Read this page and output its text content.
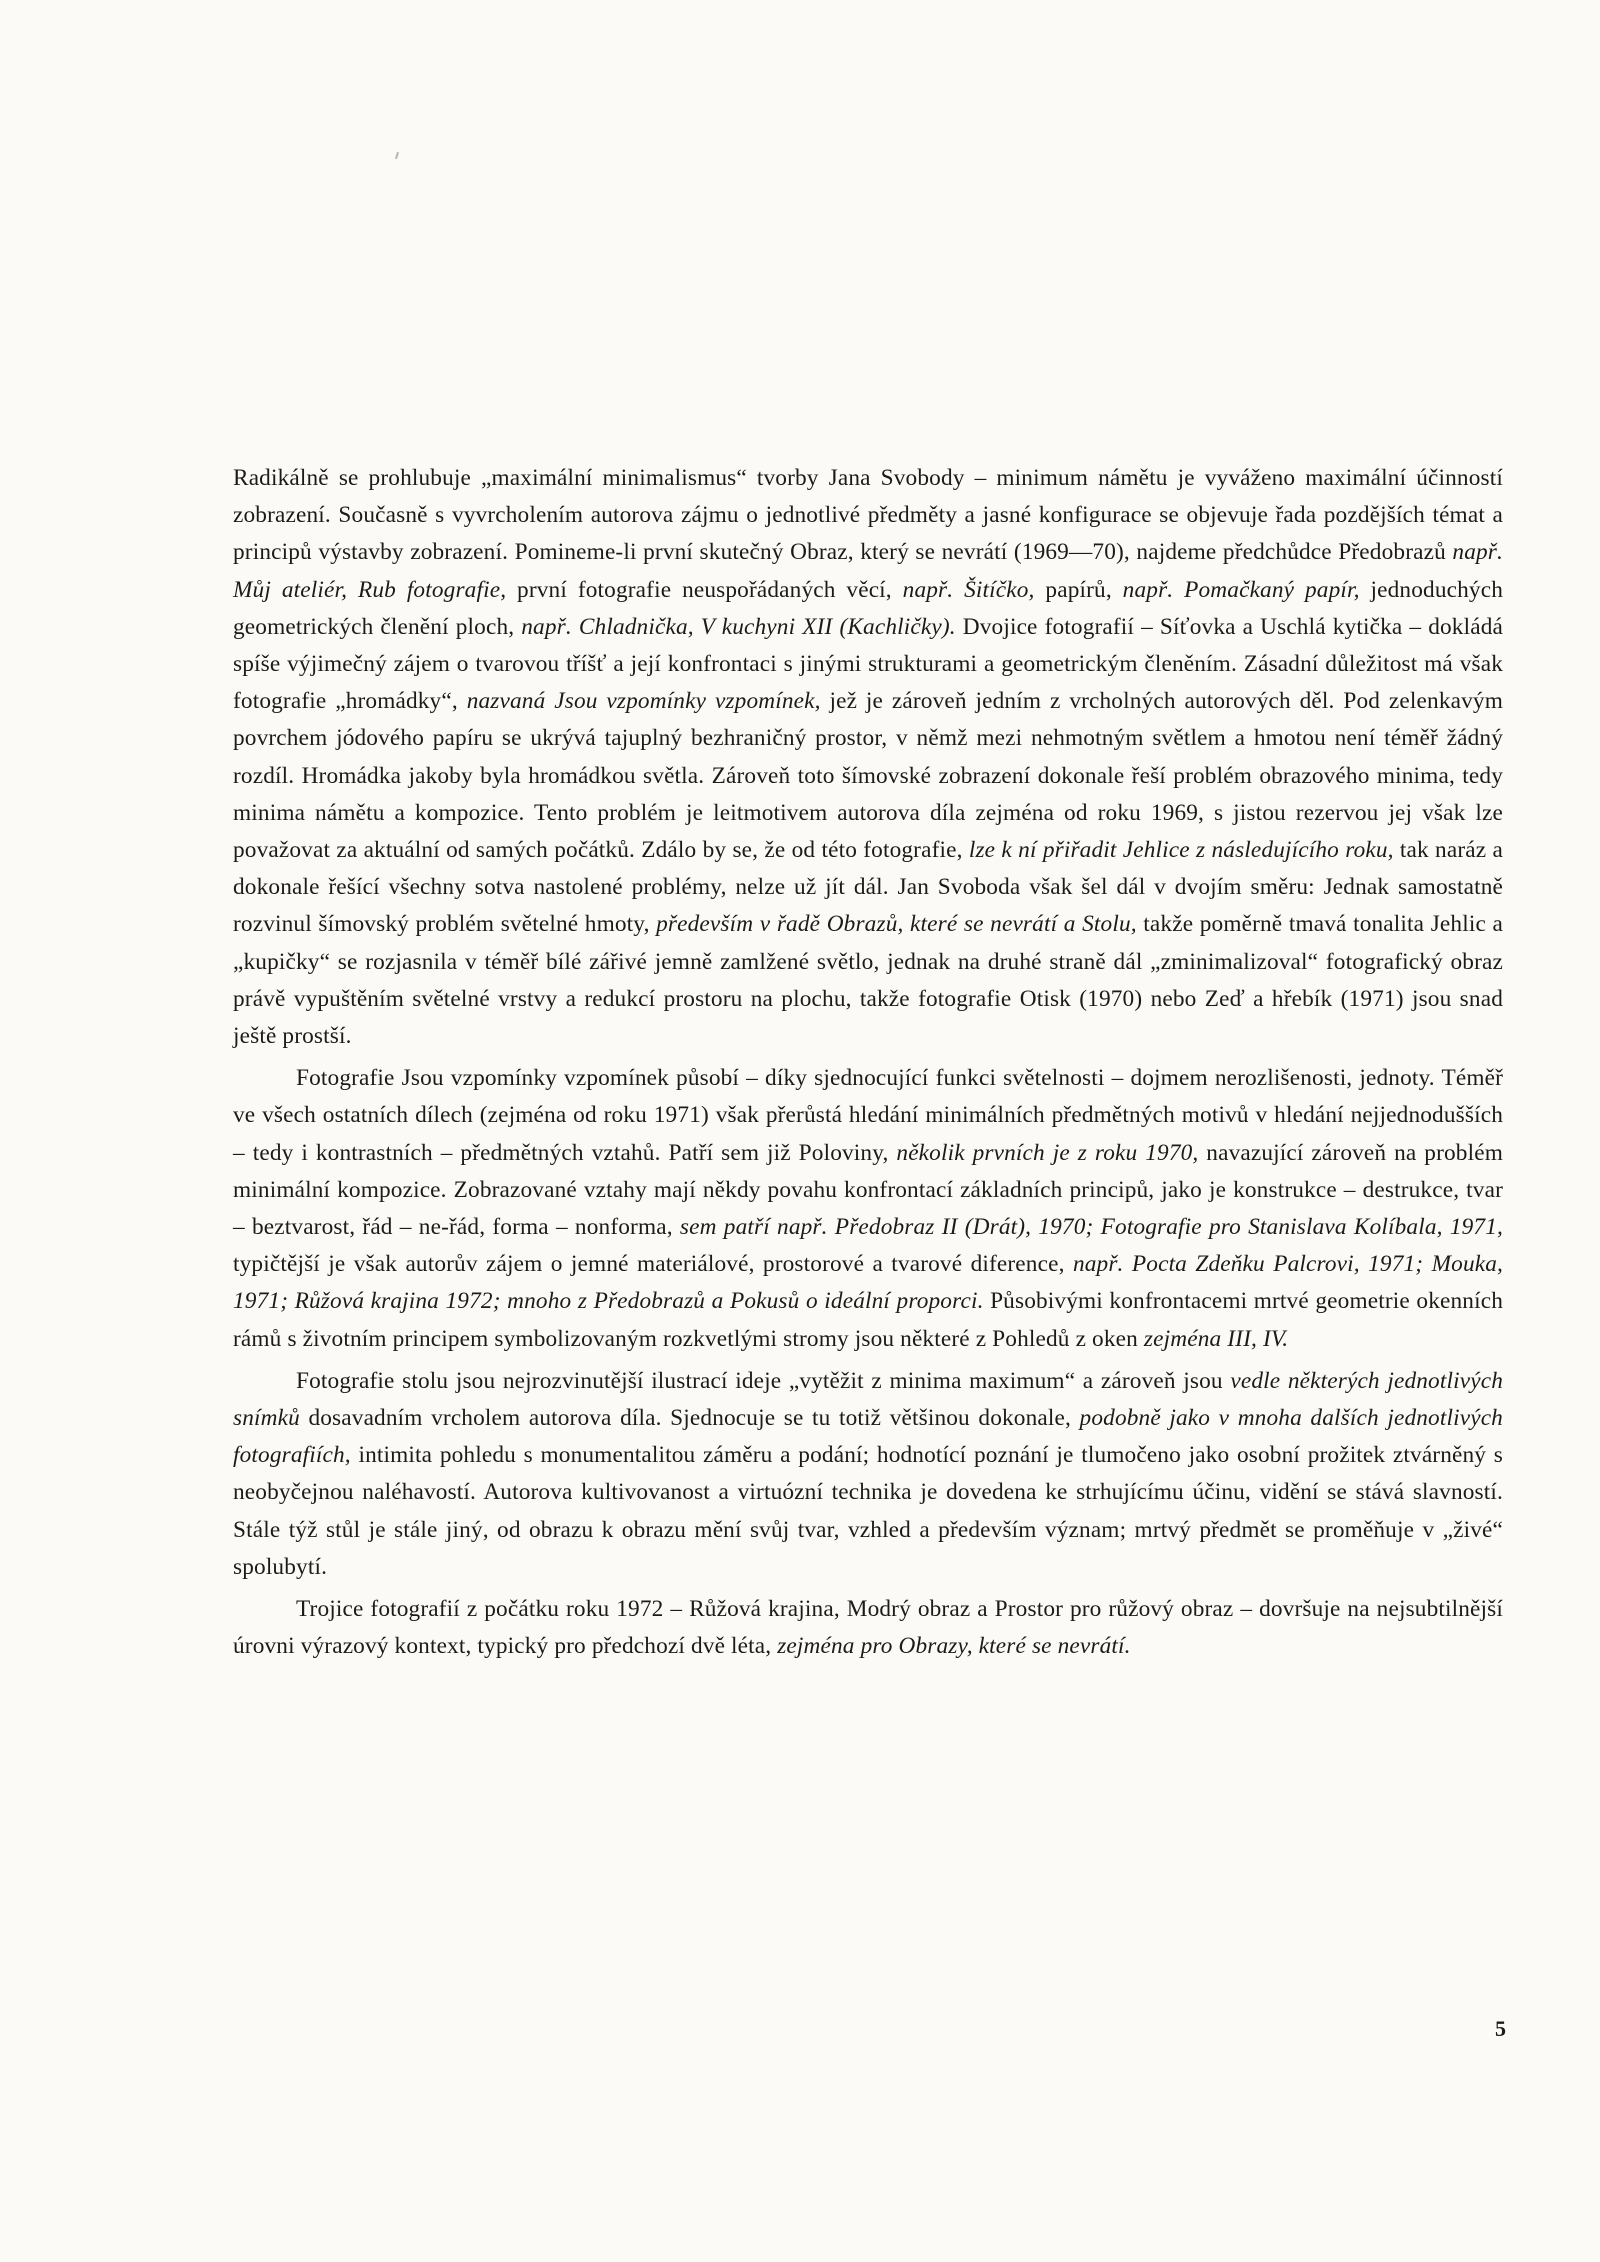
Radikálně se prohlubuje „maximální minimalismus“ tvorby Jana Svobody – minimum námětu je vyváženo maximální účinností zobrazení. Současně s vyvrcholením autorova zájmu o jednotlivé předměty a jasné konfigurace se objevuje řada pozdějších témat a principů výstavby zobrazení. Pomineme-li první skutečný Obraz, který se nevrátí (1969—70), najdeme předchůdce Předobrazů např. Můj ateliér, Rub fotografie, první fotografie neuspořádaných věcí, např. Šitíčko, papírů, např. Pomačkaný papír, jednoduchých geometrických členění ploch, např. Chladnička, V kuchyni XII (Kachličky). Dvojice fotografií – Síťovka a Uschlá kytička – dokládá spíše výjimečný zájem o tvarovou tříšť a její konfrontaci s jinými strukturami a geometrickým členěním. Zásadní důležitost má však fotografie „hromádky“, nazvaná Jsou vzpomínky vzpomínek, jež je zároveň jedním z vrcholných autorových děl. Pod zelenkavým povrchem jódového papíru se ukrývá tajuplný bezhraničný prostor, v němž mezi nehmotným světlem a hmotou není téměř žádný rozdíl. Hromádka jakoby byla hromádkou světla. Zároveň toto šímovské zobrazení dokonale řeší problém obrazového minima, tedy minima námětu a kompozice. Tento problém je leitmotivem autorova díla zejména od roku 1969, s jistou rezervou jej však lze považovat za aktuální od samých počátků. Zdálo by se, že od této fotografie, lze k ní přiřadit Jehlice z následujícího roku, tak naráz a dokonale řešící všechny sotva nastolené problémy, nelze už jít dál. Jan Svoboda však šel dál v dvojím směru: Jednak samostatně rozvinul šímovský problém světelné hmoty, především v řadě Obrazů, které se nevrátí a Stolu, takže poměrně tmavá tonalita Jehlic a „kupičky“ se rozjasnila v téměř bílé zářivé jemně zamlžené světlo, jednak na druhé straně dál „zminimalizoval“ fotografický obraz právě vypuštěním světelné vrstvy a redukcí prostoru na plochu, takže fotografie Otisk (1970) nebo Zeď a hřebík (1971) jsou snad ještě prostší.

Fotografie Jsou vzpomínky vzpomínek působí – díky sjednocující funkci světelnosti – dojmem nerozlišenosti, jednoty. Téměř ve všech ostatních dílech (zejména od roku 1971) však přerůstá hledání minimálních předmětných motivů v hledání nejjednodušších – tedy i kontrastních – předmětných vztahů. Patří sem již Poloviny, několik prvních je z roku 1970, navazující zároveň na problém minimální kompozice. Zobrazované vztahy mají někdy povahu konfrontací základních principů, jako je konstrukce – destrukce, tvar – beztvarost, řád – ne-řád, forma – nonforma, sem patří např. Předobraz II (Drát), 1970; Fotografie pro Stanislava Kolíbala, 1971, typičtější je však autorův zájem o jemné materiálové, prostorové a tvarové diference, např. Pocta Zdeňku Palcrovi, 1971; Mouka, 1971; Růžová krajina 1972; mnoho z Předobrazů a Pokusů o ideální proporci. Působivými konfrontacemi mrtvé geometrie okenních rámů s životním principem symbolizovaným rozkvetlými stromy jsou některé z Pohledů z oken zejména III, IV.

Fotografie stolu jsou nejrozvinutější ilustrací ideje „vytěžit z minima maximum“ a zároveň jsou vedle některých jednotlivých snímků dosavadním vrcholem autorova díla. Sjednocuje se tu totiž většinou dokonale, podobně jako v mnoha dalších jednotlivých fotografiích, intimita pohledu s monumentalitou záměru a podání; hodnotící poznání je tlumočeno jako osobní prožitek ztvárněný s neobyčejnou naléhavostí. Autorova kultivovanost a virtuózní technika je dovedena ke strhujícímu účinu, vidění se stává slavností. Stále týž stůl je stále jiný, od obrazu k obrazu mění svůj tvar, vzhled a především význam; mrtvý předmět se proměňuje v „živé“ spolubytí.

Trojice fotografií z počátku roku 1972 – Růžová krajina, Modrý obraz a Prostor pro růžový obraz – dovršuje na nejsubtilnější úrovni výrazový kontext, typický pro předchozí dvě léta, zejména pro Obrazy, které se nevrátí.

5
